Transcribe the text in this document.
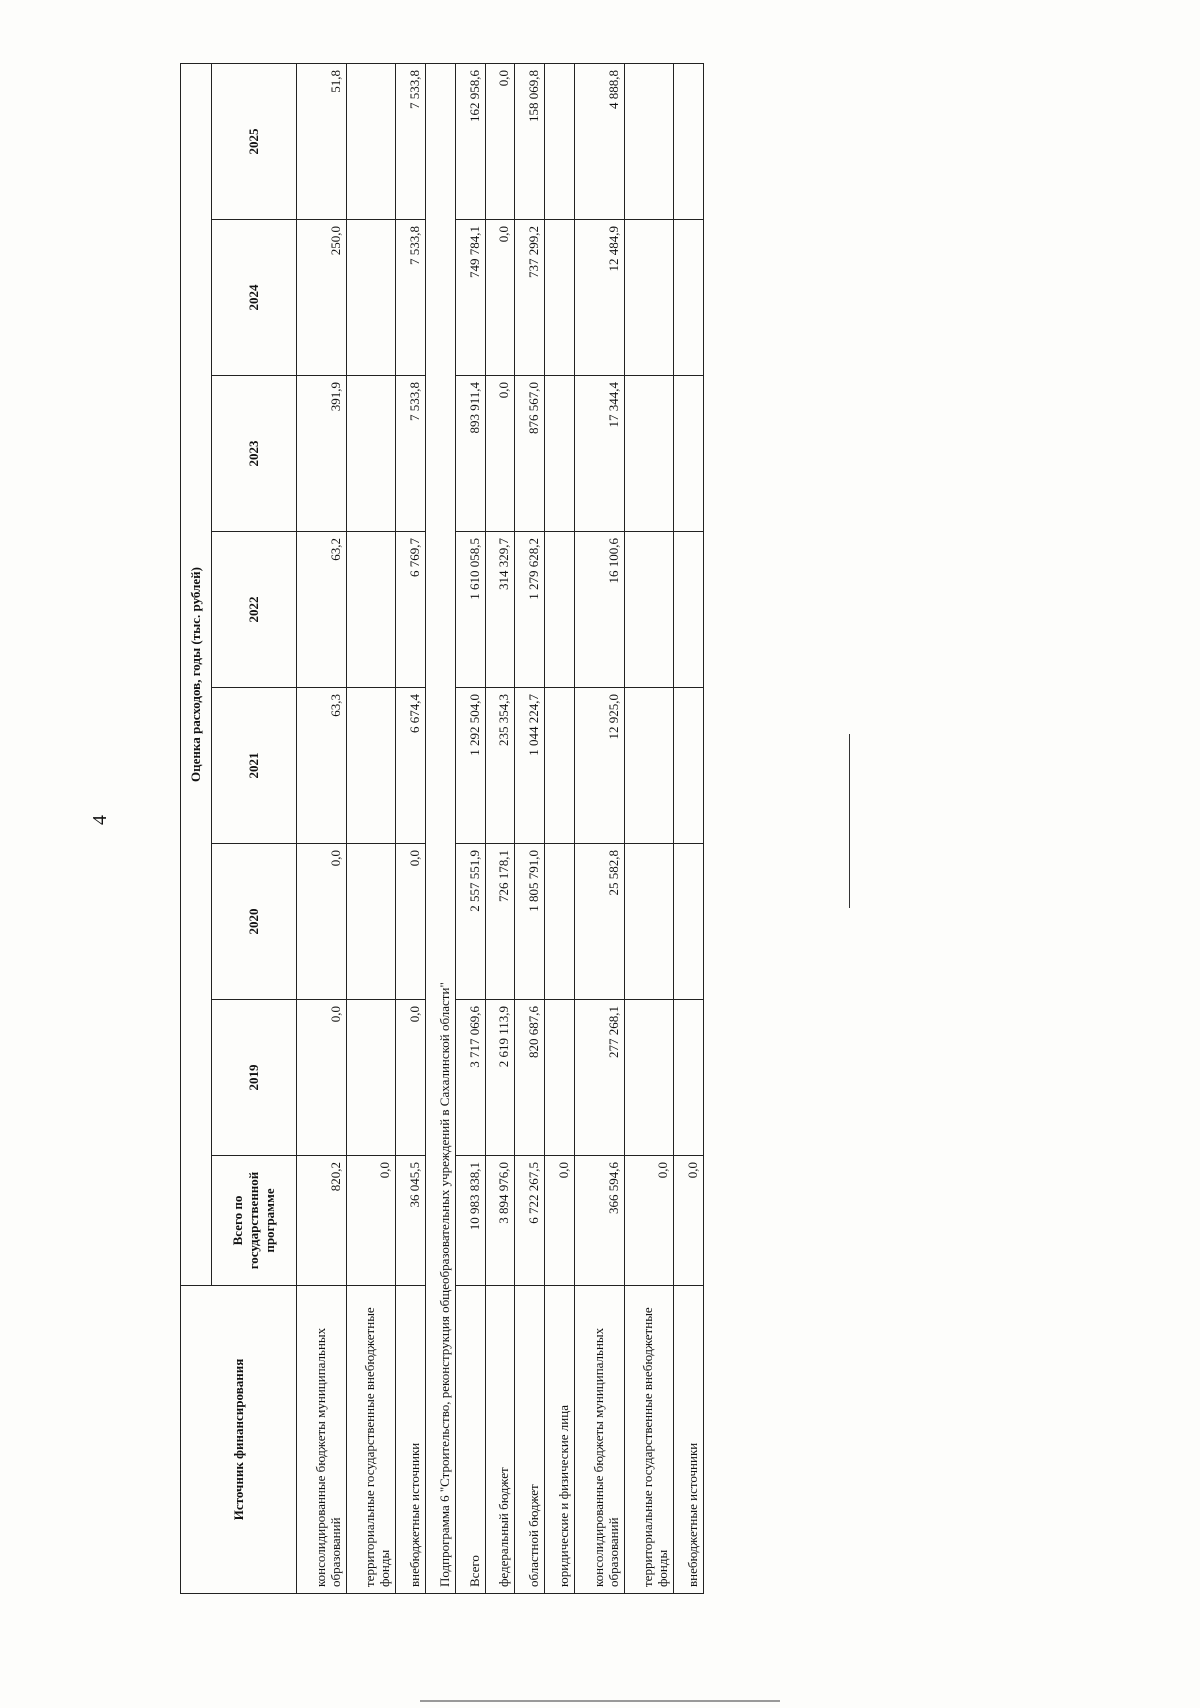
4
Источник финансирования	Оценка расходов, годы (тыс. рублей)							
	Всего по государственной программе	2019	2020	2021	2022	2023	2024	2025
консолидированные бюджеты муниципальных образований	820,2	0,0	0,0	63,3	63,2	391,9	250,0	51,8
территориальные государственные внебюджетные фонды	0,0							
внебюджетные источники	36 045,5	0,0	0,0	6 674,4	6 769,7	7 533,8	7 533,8	7 533,8
Подпрограмма 6 "Строительство, реконструкция общеобразовательных учреждений в Сахалинской области"								
Всего	10 983 838,1	3 717 069,6	2 557 551,9	1 292 504,0	1 610 058,5	893 911,4	749 784,1	162 958,6
федеральный бюджет	3 894 976,0	2 619 113,9	726 178,1	235 354,3	314 329,7	0,0	0,0	0,0
областной бюджет	6 722 267,5	820 687,6	1 805 791,0	1 044 224,7	1 279 628,2	876 567,0	737 299,2	158 069,8
юридические и физические лица	0,0							
консолидированные бюджеты муниципальных образований	366 594,6	277 268,1	25 582,8	12 925,0	16 100,6	17 344,4	12 484,9	4 888,8
территориальные государственные внебюджетные фонды	0,0							
внебюджетные источники	0,0							
